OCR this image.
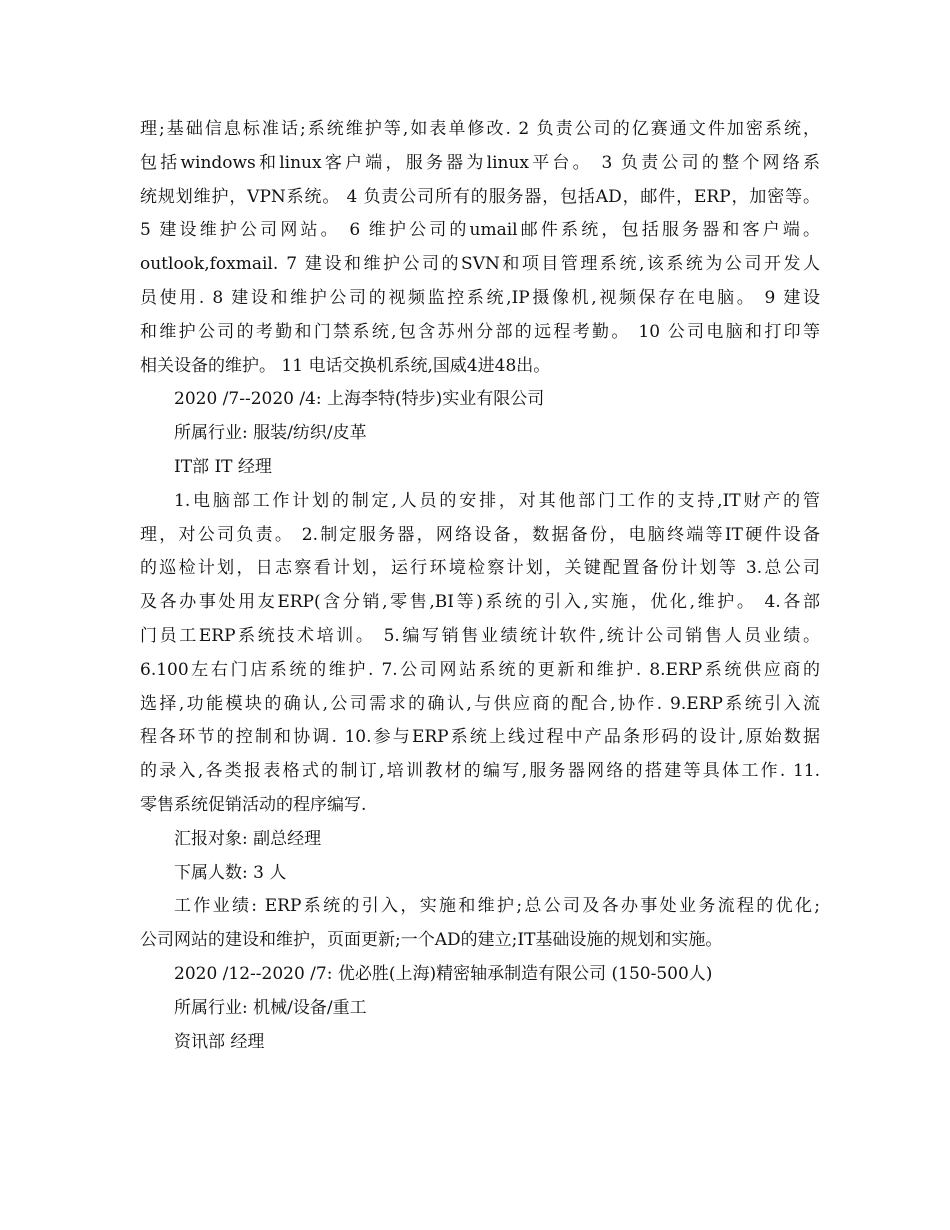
理;基础信息标准话;系统维护等,如表单修改. 2 负责公司的亿赛通文件加密系统，
包括windows和linux客户端，服务器为linux平台。 3 负责公司的整个网络系
统规划维护，VPN系统。 4 负责公司所有的服务器，包括AD，邮件，ERP，加密等。
5 建设维护公司网站。 6 维护公司的umail邮件系统，包括服务器和客户端。
outlook,foxmail. 7 建设和维护公司的SVN和项目管理系统,该系统为公司开发人
员使用. 8 建设和维护公司的视频监控系统,IP摄像机,视频保存在电脑。 9 建设
和维护公司的考勤和门禁系统,包含苏州分部的远程考勤。 10 公司电脑和打印等
相关设备的维护。 11 电话交换机系统,国威4进48出。
2020 /7--2020 /4: 上海李特(特步)实业有限公司
所属行业: 服装/纺织/皮革
IT部 IT 经理
1.电脑部工作计划的制定,人员的安排，对其他部门工作的支持,IT财产的管
理，对公司负责。 2.制定服务器，网络设备，数据备份，电脑终端等IT硬件设备
的巡检计划，日志察看计划，运行环境检察计划，关键配置备份计划等 3.总公司
及各办事处用友ERP(含分销,零售,BI等)系统的引入,实施，优化,维护。 4.各部
门员工ERP系统技术培训。 5.编写销售业绩统计软件,统计公司销售人员业绩。
6.100左右门店系统的维护. 7.公司网站系统的更新和维护. 8.ERP系统供应商的
选择,功能模块的确认,公司需求的确认,与供应商的配合,协作. 9.ERP系统引入流
程各环节的控制和协调. 10.参与ERP系统上线过程中产品条形码的设计,原始数据
的录入,各类报表格式的制订,培训教材的编写,服务器网络的搭建等具体工作. 11.
零售系统促销活动的程序编写.
汇报对象: 副总经理
下属人数: 3 人
工作业绩: ERP系统的引入，实施和维护;总公司及各办事处业务流程的优化;
公司网站的建设和维护，页面更新;一个AD的建立;IT基础设施的规划和实施。
2020 /12--2020 /7: 优必胜(上海)精密轴承制造有限公司 (150-500人)
所属行业: 机械/设备/重工
资讯部 经理
